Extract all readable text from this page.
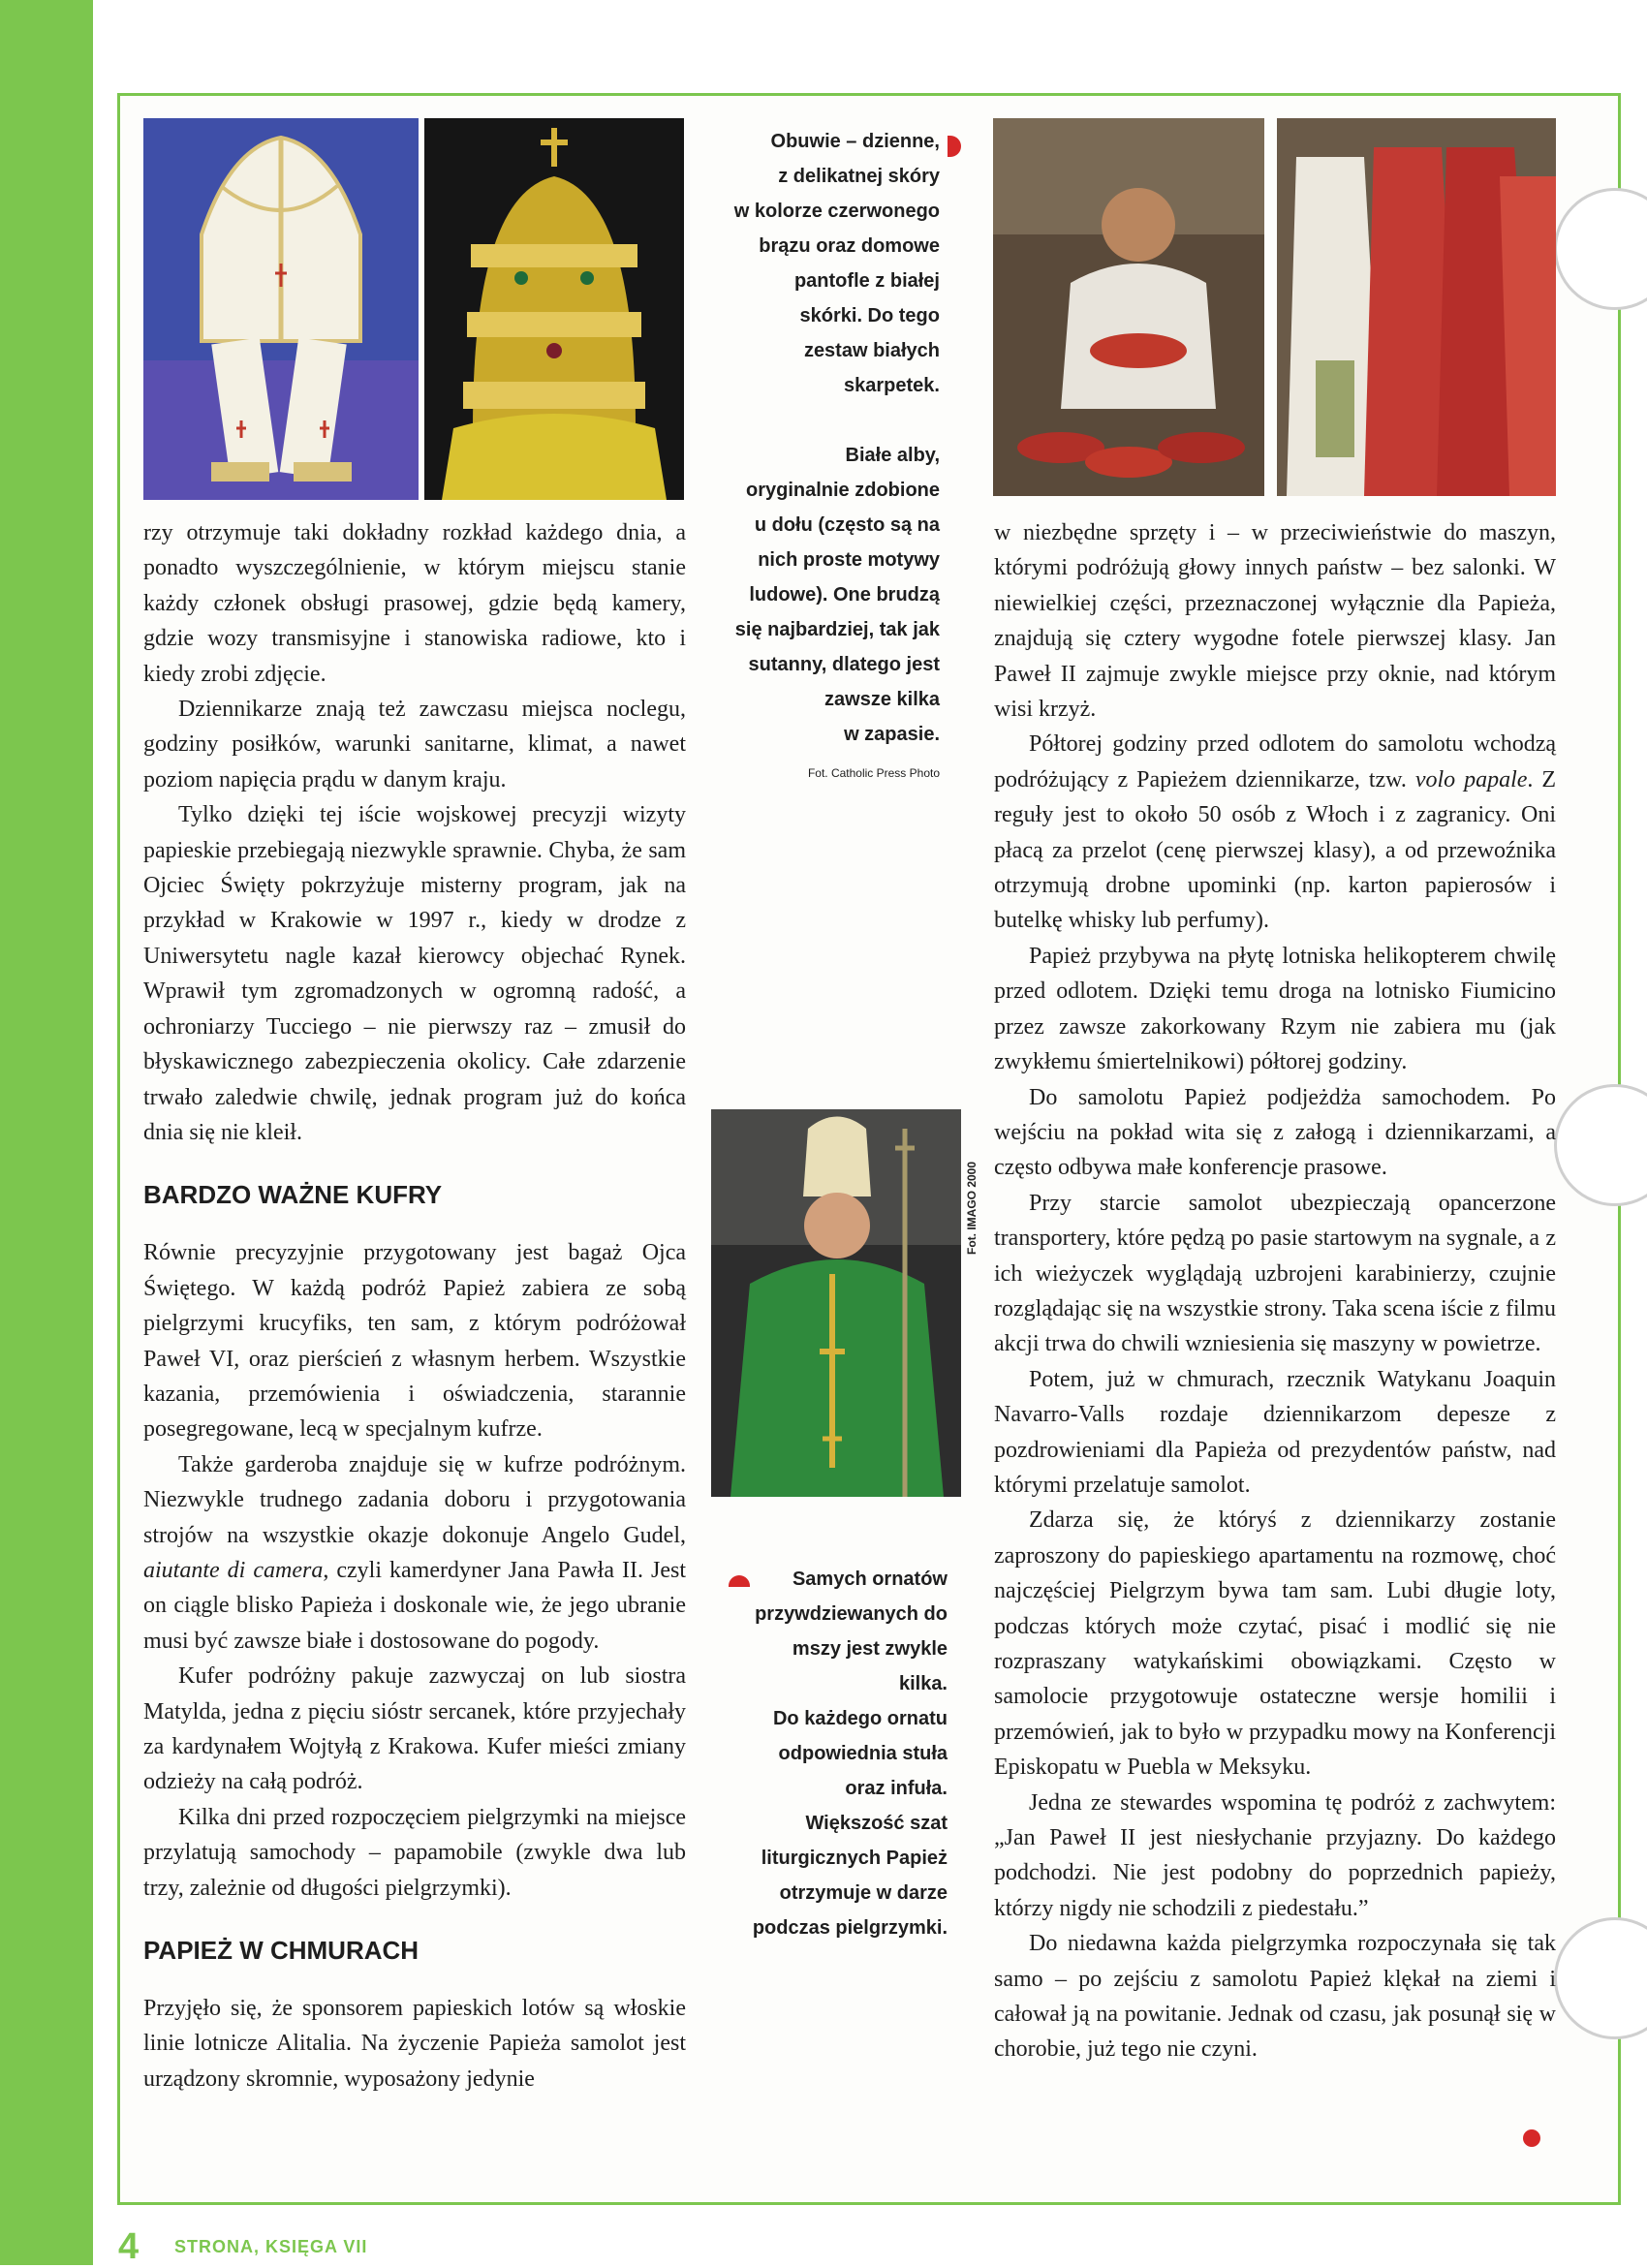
Fot. IMAGO 2000

rzy otrzymuje taki dokładny rozkład każdego dnia, a ponadto wyszczególnienie, w którym miejscu stanie każdy członek obsługi prasowej, gdzie będą kamery, gdzie wozy transmisyjne i stanowiska radiowe, kto i kiedy zrobi zdjęcie.

Dziennikarze znają też zawczasu miejsca noclegu, godziny posiłków, warunki sanitarne, klimat, a nawet poziom napięcia prądu w danym kraju.

Tylko dzięki tej iście wojskowej precyzji wizyty papieskie przebiegają niezwykle sprawnie. Chyba, że sam Ojciec Święty pokrzyżuje misterny program, jak na przykład w Krakowie w 1997 r., kiedy w drodze z Uniwersytetu nagle kazał kierowcy objechać Rynek. Wprawił tym zgromadzonych w ogromną radość, a ochroniarzy Tucciego – nie pierwszy raz – zmusił do błyskawicznego zabezpieczenia okolicy. Całe zdarzenie trwało zaledwie chwilę, jednak program już do końca dnia się nie kleił.

BARDZO WAŻNE KUFRY

Równie precyzyjnie przygotowany jest bagaż Ojca Świętego. W każdą podróż Papież zabiera ze sobą pielgrzymi krucyfiks, ten sam, z którym podróżował Paweł VI, oraz pierścień z własnym herbem. Wszystkie kazania, przemówienia i oświadczenia, starannie posegregowane, lecą w specjalnym kufrze.

Także garderoba znajduje się w kufrze podróżnym. Niezwykle trudnego zadania doboru i przygotowania strojów na wszystkie okazje dokonuje Angelo Gudel, aiutante di camera, czyli kamerdyner Jana Pawła II. Jest on ciągle blisko Papieża i doskonale wie, że jego ubranie musi być zawsze białe i dostosowane do pogody.

Kufer podróżny pakuje zazwyczaj on lub siostra Matylda, jedna z pięciu sióstr sercanek, które przyjechały za kardynałem Wojtyłą z Krakowa. Kufer mieści zmiany odzieży na całą podróż.

Kilka dni przed rozpoczęciem pielgrzymki na miejsce przylatują samochody – papamobile (zwykle dwa lub trzy, zależnie od długości pielgrzymki).

PAPIEŻ W CHMURACH

Przyjęło się, że sponsorem papieskich lotów są włoskie linie lotnicze Alitalia. Na życzenie Papieża samolot jest urządzony skromnie, wyposażony jedynie

Obuwie – dzienne,

z delikatnej skóry

w kolorze czerwonego

brązu oraz domowe

pantofle z białej

skórki. Do tego

zestaw białych

skarpetek.

Białe alby,

oryginalnie zdobione

u dołu (często są na

nich proste motywy

ludowe). One brudzą

się najbardziej, tak jak

sutanny, dlatego jest

zawsze kilka

w zapasie.

Fot. Catholic Press Photo

Samych ornatów

przywdziewanych do

mszy jest zwykle

kilka.

Do każdego ornatu

odpowiednia stuła

oraz infuła.

Większość szat

liturgicznych Papież

otrzymuje w darze

podczas pielgrzymki.

w niezbędne sprzęty i – w przeciwieństwie do maszyn, którymi podróżują głowy innych państw – bez salonki. W niewielkiej części, przeznaczonej wyłącznie dla Papieża, znajdują się cztery wygodne fotele pierwszej klasy. Jan Paweł II zajmuje zwykle miejsce przy oknie, nad którym wisi krzyż.

Półtorej godziny przed odlotem do samolotu wchodzą podróżujący z Papieżem dziennikarze, tzw. volo papale. Z reguły jest to około 50 osób z Włoch i z zagranicy. Oni płacą za przelot (cenę pierwszej klasy), a od przewoźnika otrzymują drobne upominki (np. karton papierosów i butelkę whisky lub perfumy).

Papież przybywa na płytę lotniska helikopterem chwilę przed odlotem. Dzięki temu droga na lotnisko Fiumicino przez zawsze zakorkowany Rzym nie zabiera mu (jak zwykłemu śmiertelnikowi) półtorej godziny.

Do samolotu Papież podjeżdża samochodem. Po wejściu na pokład wita się z załogą i dziennikarzami, a często odbywa małe konferencje prasowe.

Przy starcie samolot ubezpieczają opancerzone transportery, które pędzą po pasie startowym na sygnale, a z ich wieżyczek wyglądają uzbrojeni karabinierzy, czujnie rozglądając się na wszystkie strony. Taka scena iście z filmu akcji trwa do chwili wzniesienia się maszyny w powietrze.

Potem, już w chmurach, rzecznik Watykanu Joaquin Navarro-Valls rozdaje dziennikarzom depesze z pozdrowieniami dla Papieża od prezydentów państw, nad którymi przelatuje samolot.

Zdarza się, że któryś z dziennikarzy zostanie zaproszony do papieskiego apartamentu na rozmowę, choć najczęściej Pielgrzym bywa tam sam. Lubi długie loty, podczas których może czytać, pisać i modlić się nie rozpraszany watykańskimi obowiązkami. Często w samolocie przygotowuje ostateczne wersje homilii i przemówień, jak to było w przypadku mowy na Konferencji Episkopatu w Puebla w Meksyku.

Jedna ze stewardes wspomina tę podróż z zachwytem: „Jan Paweł II jest niesłychanie przyjazny. Do każdego podchodzi. Nie jest podobny do poprzednich papieży, którzy nigdy nie schodzili z piedestału.”

Do niedawna każda pielgrzymka rozpoczynała się tak samo – po zejściu z samolotu Papież klękał na ziemi i całował ją na powitanie. Jednak od czasu, jak posunął się w chorobie, już tego nie czyni.

4 STRONA, KSIĘGA VII
